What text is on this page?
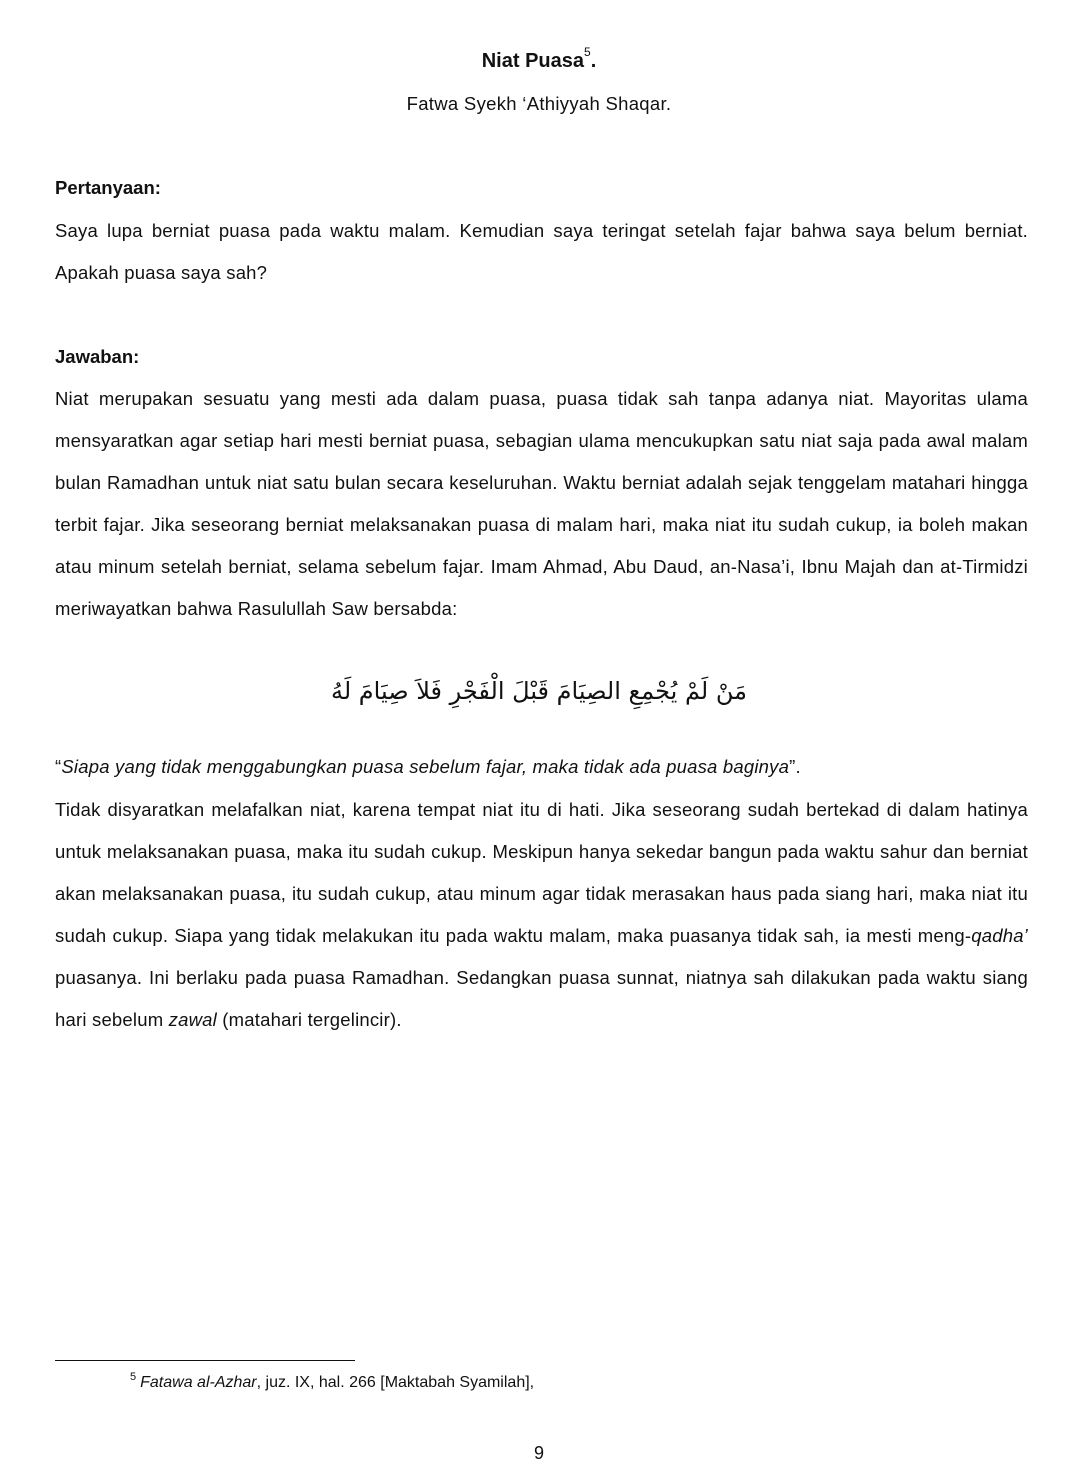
Niat Puasa$^5$.
Fatwa Syekh ‘Athiyyah Shaqar.
Pertanyaan:
Saya lupa berniat puasa pada waktu malam. Kemudian saya teringat setelah fajar bahwa saya belum berniat. Apakah puasa saya sah?
Jawaban:
Niat merupakan sesuatu yang mesti ada dalam puasa, puasa tidak sah tanpa adanya niat. Mayoritas ulama mensyaratkan agar setiap hari mesti berniat puasa, sebagian ulama mencukupkan satu niat saja pada awal malam bulan Ramadhan untuk niat satu bulan secara keseluruhan. Waktu berniat adalah sejak tenggelam matahari hingga terbit fajar. Jika seseorang berniat melaksanakan puasa di malam hari, maka niat itu sudah cukup, ia boleh makan atau minum setelah berniat, selama sebelum fajar. Imam Ahmad, Abu Daud, an-Nasa’i, Ibnu Majah dan at-Tirmidzi meriwayatkan bahwa Rasulullah Saw bersabda:
مَنْ لَمْ يُجْمِعِ الصِيَامَ قَبْلَ الْفَجْرِ فَلاَ صِيَامَ لَهُ
“Siapa yang tidak menggabungkan puasa sebelum fajar, maka tidak ada puasa baginya”.
Tidak disyaratkan melafalkan niat, karena tempat niat itu di hati. Jika seseorang sudah bertekad di dalam hatinya untuk melaksanakan puasa, maka itu sudah cukup. Meskipun hanya sekedar bangun pada waktu sahur dan berniat akan melaksanakan puasa, itu sudah cukup, atau minum agar tidak merasakan haus pada siang hari, maka niat itu sudah cukup. Siapa yang tidak melakukan itu pada waktu malam, maka puasanya tidak sah, ia mesti meng-qadha’ puasanya. Ini berlaku pada puasa Ramadhan. Sedangkan puasa sunnat, niatnya sah dilakukan pada waktu siang hari sebelum zawal (matahari tergelincir).
$^5$ Fatawa al-Azhar, juz. IX, hal. 266 [Maktabah Syamilah],
9
